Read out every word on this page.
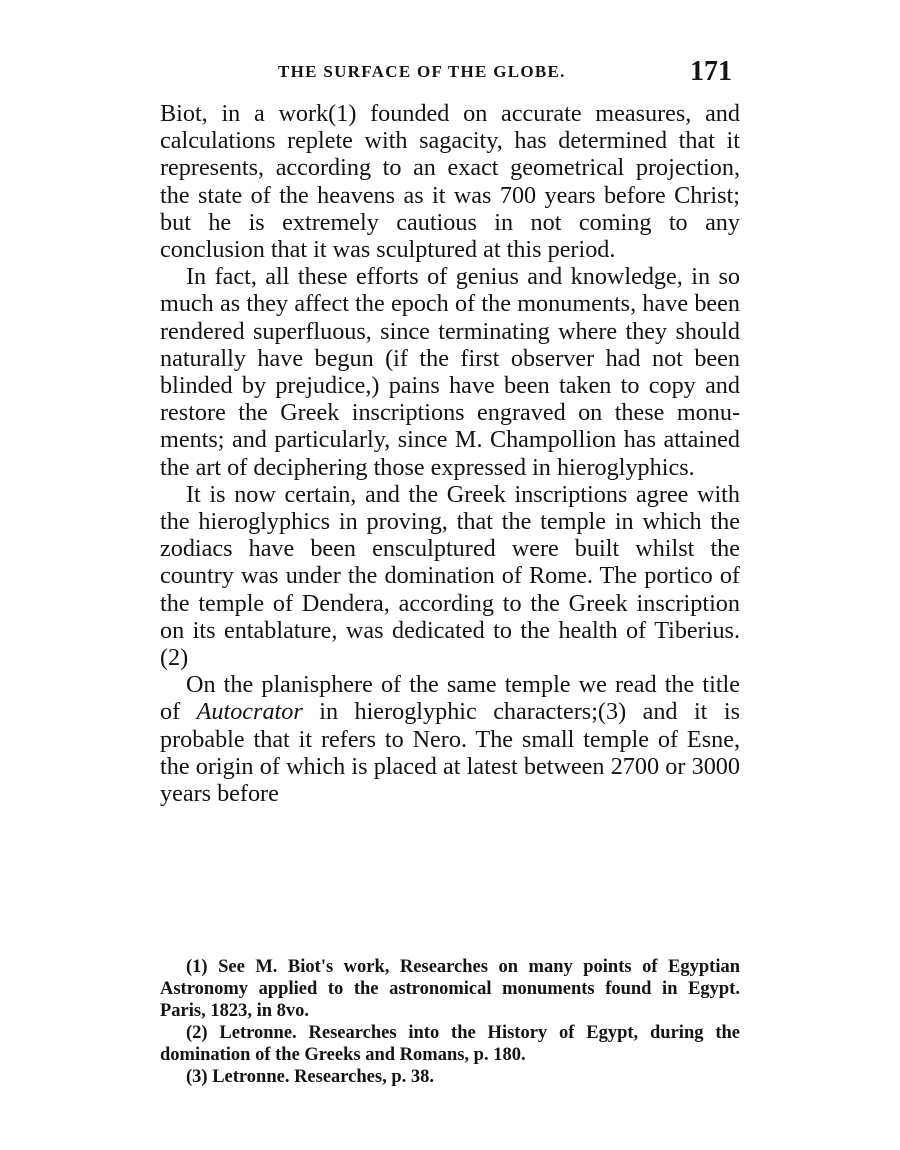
THE SURFACE OF THE GLOBE.	171

Biot, in a work(1) founded on accurate measures, and calculations replete with sagacity, has determined that it represents, according to an exact geometrical projection, the state of the heavens as it was 700 years before Christ; but he is extremely cautious in not coming to any conclusion that it was sculptured at this period.

In fact, all these efforts of genius and knowledge, in so much as they affect the epoch of the monuments, have been rendered superfluous, since terminating where they should naturally have begun (if the first observer had not been blinded by prejudice,) pains have been taken to copy and restore the Greek inscriptions engraved on these monuments; and particularly, since M. Champollion has attained the art of deciphering those expressed in hieroglyphics.

It is now certain, and the Greek inscriptions agree with the hieroglyphics in proving, that the temple in which the zodiacs have been ensculptured were built whilst the country was under the domination of Rome. The portico of the temple of Dendera, according to the Greek inscription on its entablature, was dedicated to the health of Tiberius. (2)

On the planisphere of the same temple we read the title of Autocrator in hieroglyphic characters;(3) and it is probable that it refers to Nero. The small temple of Esne, the origin of which is placed at latest between 2700 or 3000 years before

(1) See M. Biot's work, Researches on many points of Egyptian Astronomy applied to the astronomical monuments found in Egypt. Paris, 1823, in 8vo.

(2) Letronne. Researches into the History of Egypt, during the domination of the Greeks and Romans, p. 180.

(3) Letronne. Researches, p. 38.
